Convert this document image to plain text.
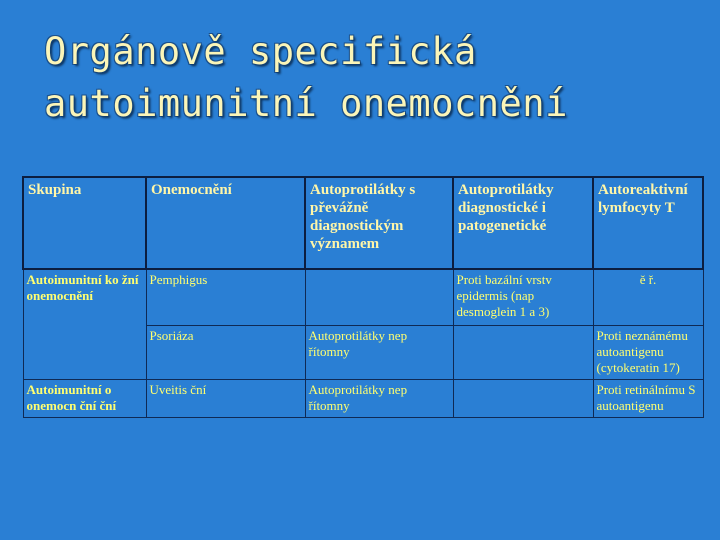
Orgánově specifická
autoimunitní onemocnění
Skupina	Onemocnění	Autoprotilátky s převážně diagnostickým významem	Autoprotilátky diagnostické i patogenetické	Autoreaktivní lymfocyty T
Autoimunitní ko žní onemocnění	Pemphigus		Proti bazální vrstv epidermis (nap desmoglein 1 a 3)	ě ř.
	Psoriáza	Autoprotilátky nep řítomny		Proti neznámému autoantigenu (cytokeratin 17)
Autoimunitní o onemocn ční ční	Uveitis ční	Autoprotilátky nep řítomny		Proti retinálnímu S autoantigenu
